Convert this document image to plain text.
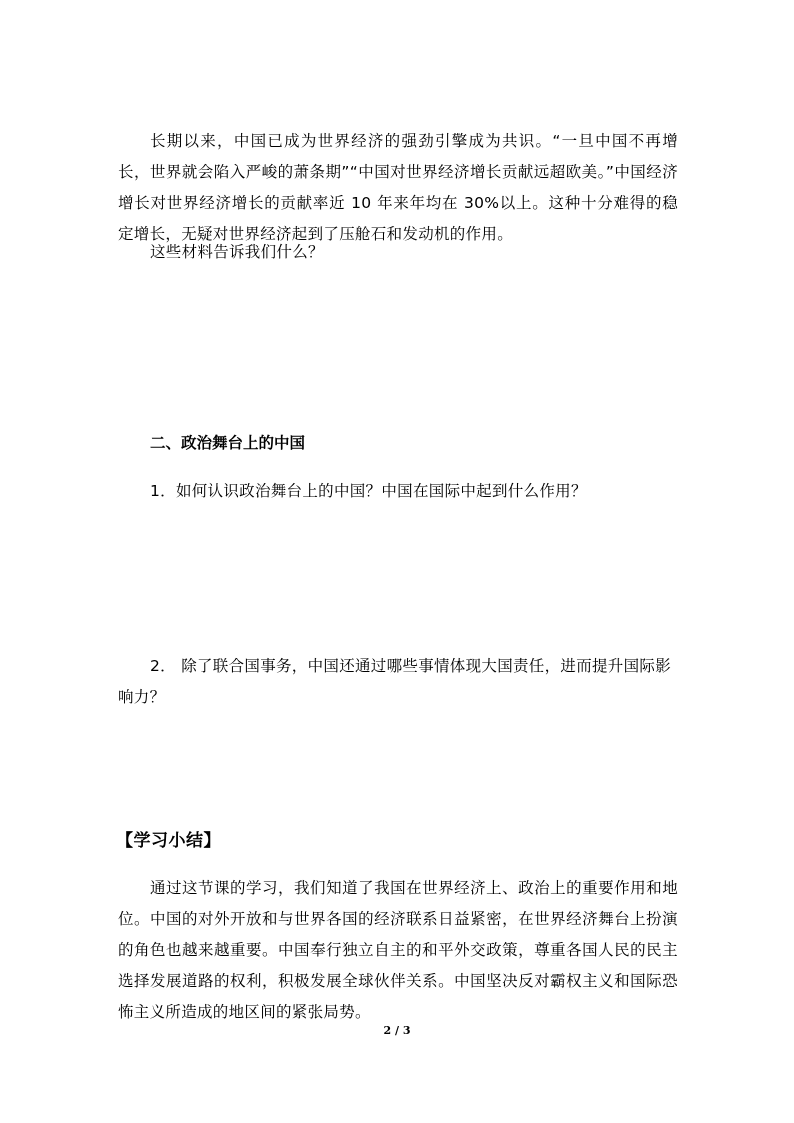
长期以来，中国已成为世界经济的强劲引擎成为共识。“一旦中国不再增长，世界就会陷入严峻的萧条期”“中国对世界经济增长贡献远超欧美。”中国经济增长对世界经济增长的贡献率近 10 年来年均在 30%以上。这种十分难得的稳定增长，无疑对世界经济起到了压舱石和发动机的作用。

这些材料告诉我们什么？

二、政治舞台上的中国

1．如何认识政治舞台上的中国？中国在国际中起到什么作用？

2． 除了联合国事务，中国还通过哪些事情体现大国责任，进而提升国际影响力？

【学习小结】

通过这节课的学习，我们知道了我国在世界经济上、政治上的重要作用和地位。中国的对外开放和与世界各国的经济联系日益紧密，在世界经济舞台上扮演的角色也越来越重要。中国奉行独立自主的和平外交政策，尊重各国人民的民主选择发展道路的权利，积极发展全球伙伴关系。中国坚决反对霸权主义和国际恐怖主义所造成的地区间的紧张局势。

2 / 3
